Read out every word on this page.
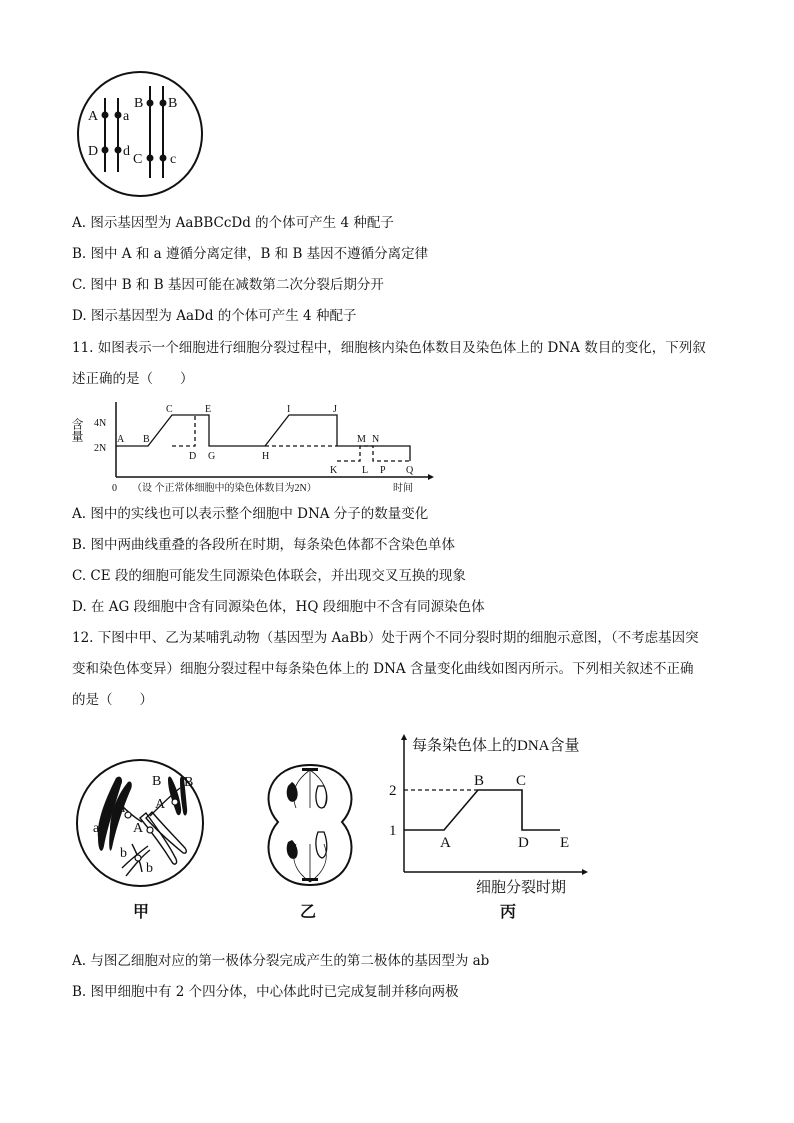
A a
B B
D d
C c
A. 图示基因型为 AaBBCcDd 的个体可产生 4 种配子
B. 图中 A 和 a 遵循分离定律，B 和 B 基因不遵循分离定律
C. 图中 B 和 B 基因可能在减数第二次分裂后期分开
D. 图示基因型为 AaDd 的个体可产生 4 种配子
11. 如图表示一个细胞进行细胞分裂过程中，细胞核内染色体数目及染色体上的 DNA 数目的变化，下列叙
述正确的是（　　）
含量 4N
2N
A B
C	E
D G	H
I	J
M N
K L P Q
0 （设 个正常体细胞中的染色体数目为2N）	时间
A. 图中的实线也可以表示整个细胞中 DNA 分子的数量变化
B. 图中两曲线重叠的各段所在时期，每条染色体都不含染色单体
C. CE 段的细胞可能发生同源染色体联会，并出现交叉互换的现象
D. 在 AG 段细胞中含有同源染色体，HQ 段细胞中不含有同源染色体
12. 下图中甲、乙为某哺乳动物（基因型为 AaBb）处于两个不同分裂时期的细胞示意图，（不考虑基因突
变和染色体变异）细胞分裂过程中每条染色体上的 DNA 含量变化曲线如图丙所示。下列相关叙述不正确
的是（　　）
a
a
B B
A
A
b
b
甲	乙
每条染色体上的DNA含量
2
1
A
B C
D E
细胞分裂时期
丙
A. 与图乙细胞对应的第一极体分裂完成产生的第二极体的基因型为 ab
B. 图甲细胞中有 2 个四分体，中心体此时已完成复制并移向两极
